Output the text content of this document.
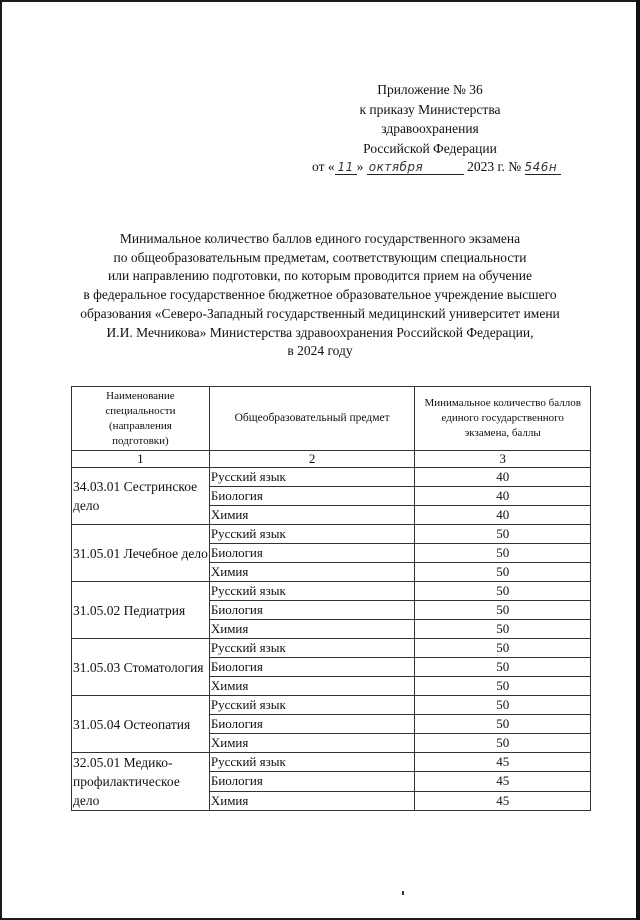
Приложение № 36
к приказу Министерства
здравоохранения
Российской Федерации
от « 11 » октября	2023 г. № 546н
Минимальное количество баллов единого государственного экзамена
по общеобразовательным предметам, соответствующим специальности
или направлению подготовки, по которым проводится прием на обучение
в федеральное государственное бюджетное образовательное учреждение высшего
образования «Северо-Западный государственный медицинский университет имени
И.И. Мечникова» Министерства здравоохранения Российской Федерации,
в 2024 году
Наименование специальности (направления подготовки)	Общеобразовательный предмет	Минимальное количество баллов единого государственного экзамена, баллы
1	2	3
34.03.01 Сестринское дело	Русский язык	40
	Биология	40
	Химия	40
31.05.01 Лечебное дело	Русский язык	50
	Биология	50
	Химия	50
31.05.02 Педиатрия	Русский язык	50
	Биология	50
	Химия	50
31.05.03 Стоматология	Русский язык	50
	Биология	50
	Химия	50
31.05.04 Остеопатия	Русский язык	50
	Биология	50
	Химия	50
32.05.01 Медико-профилактическое дело	Русский язык	45
	Биология	45
	Химия	45
